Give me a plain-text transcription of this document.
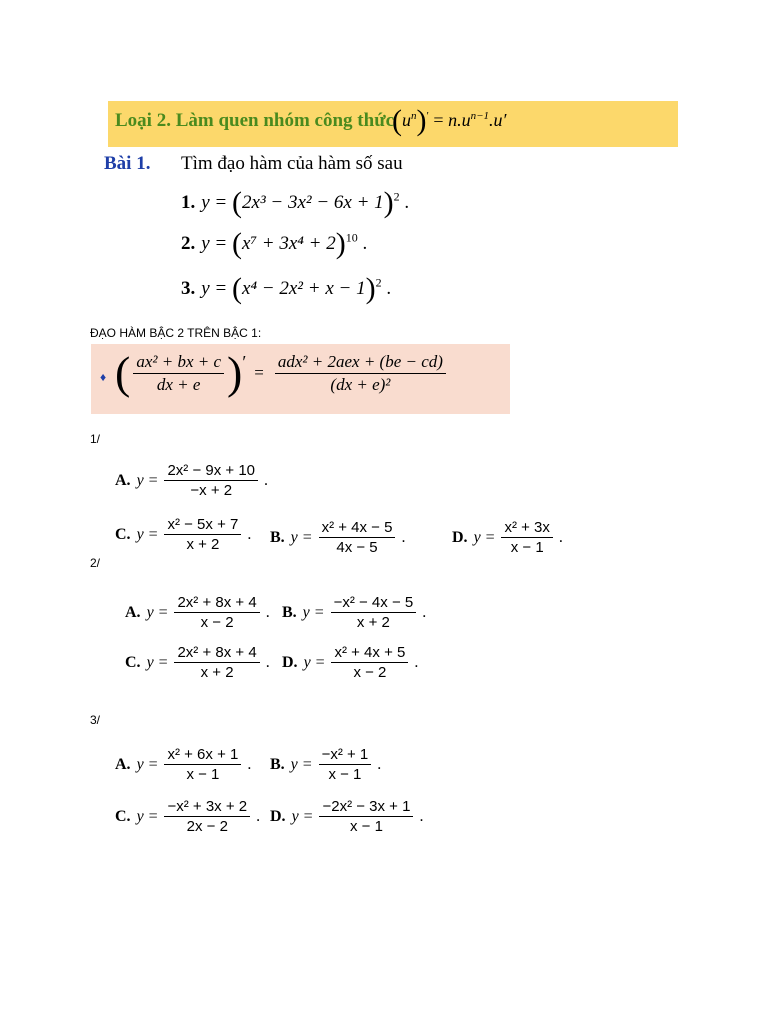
Loại 2. Làm quen nhóm công thức
$(u^n)' = n.u^{n-1}.u'$
Bài 1. Tìm đạo hàm của hàm số sau
1. $y = (2x^3 - 3x^2 - 6x + 1)^2$ .
2. $y = (x^7 + 3x^4 + 2)^{10}$ .
3. $y = (x^4 - 2x^2 + x - 1)^2$ .
ĐẠO HÀM BẬC 2 TRÊN BẬC 1:
♦ ( $\frac{\text{ax² + bx + c}}{dx + e}$ ) ′
= $\frac{\text{adx² + 2aex + (be − cd)}}{\text{(dx + e)²}}$
1/
A. $y = \frac{\text{2x² − 9x + 10}}{-x + 2}$ .
C. $y = \frac{\text{x² − 5x + 7}}{x + 2}$ . B. $y = \frac{\text{x² + 4x − 5}}{4x - 5}$ .	D. $y = \frac{\text{x² + 3x}}{x - 1}$ .
2/
A. $y = \frac{\text{2x² + 8x + 4}}{x - 2}$ . B. $y = \frac{\text{−x² − 4x − 5}}{x + 2}$ .
C. $y = \frac{\text{2x² + 8x + 4}}{x + 2}$ . D. $y = \frac{\text{x² + 4x + 5}}{x - 2}$ .
3/
A. $y = \frac{\text{x² + 6x + 1}}{x - 1}$ . B. $y = \frac{\text{−x² + 1}}{x - 1}$ .
C. $y = \frac{\text{−x² + 3x + 2}}{2x - 2}$ . D. $y = \frac{\text{−2x² − 3x + 1}}{x - 1}$ .
